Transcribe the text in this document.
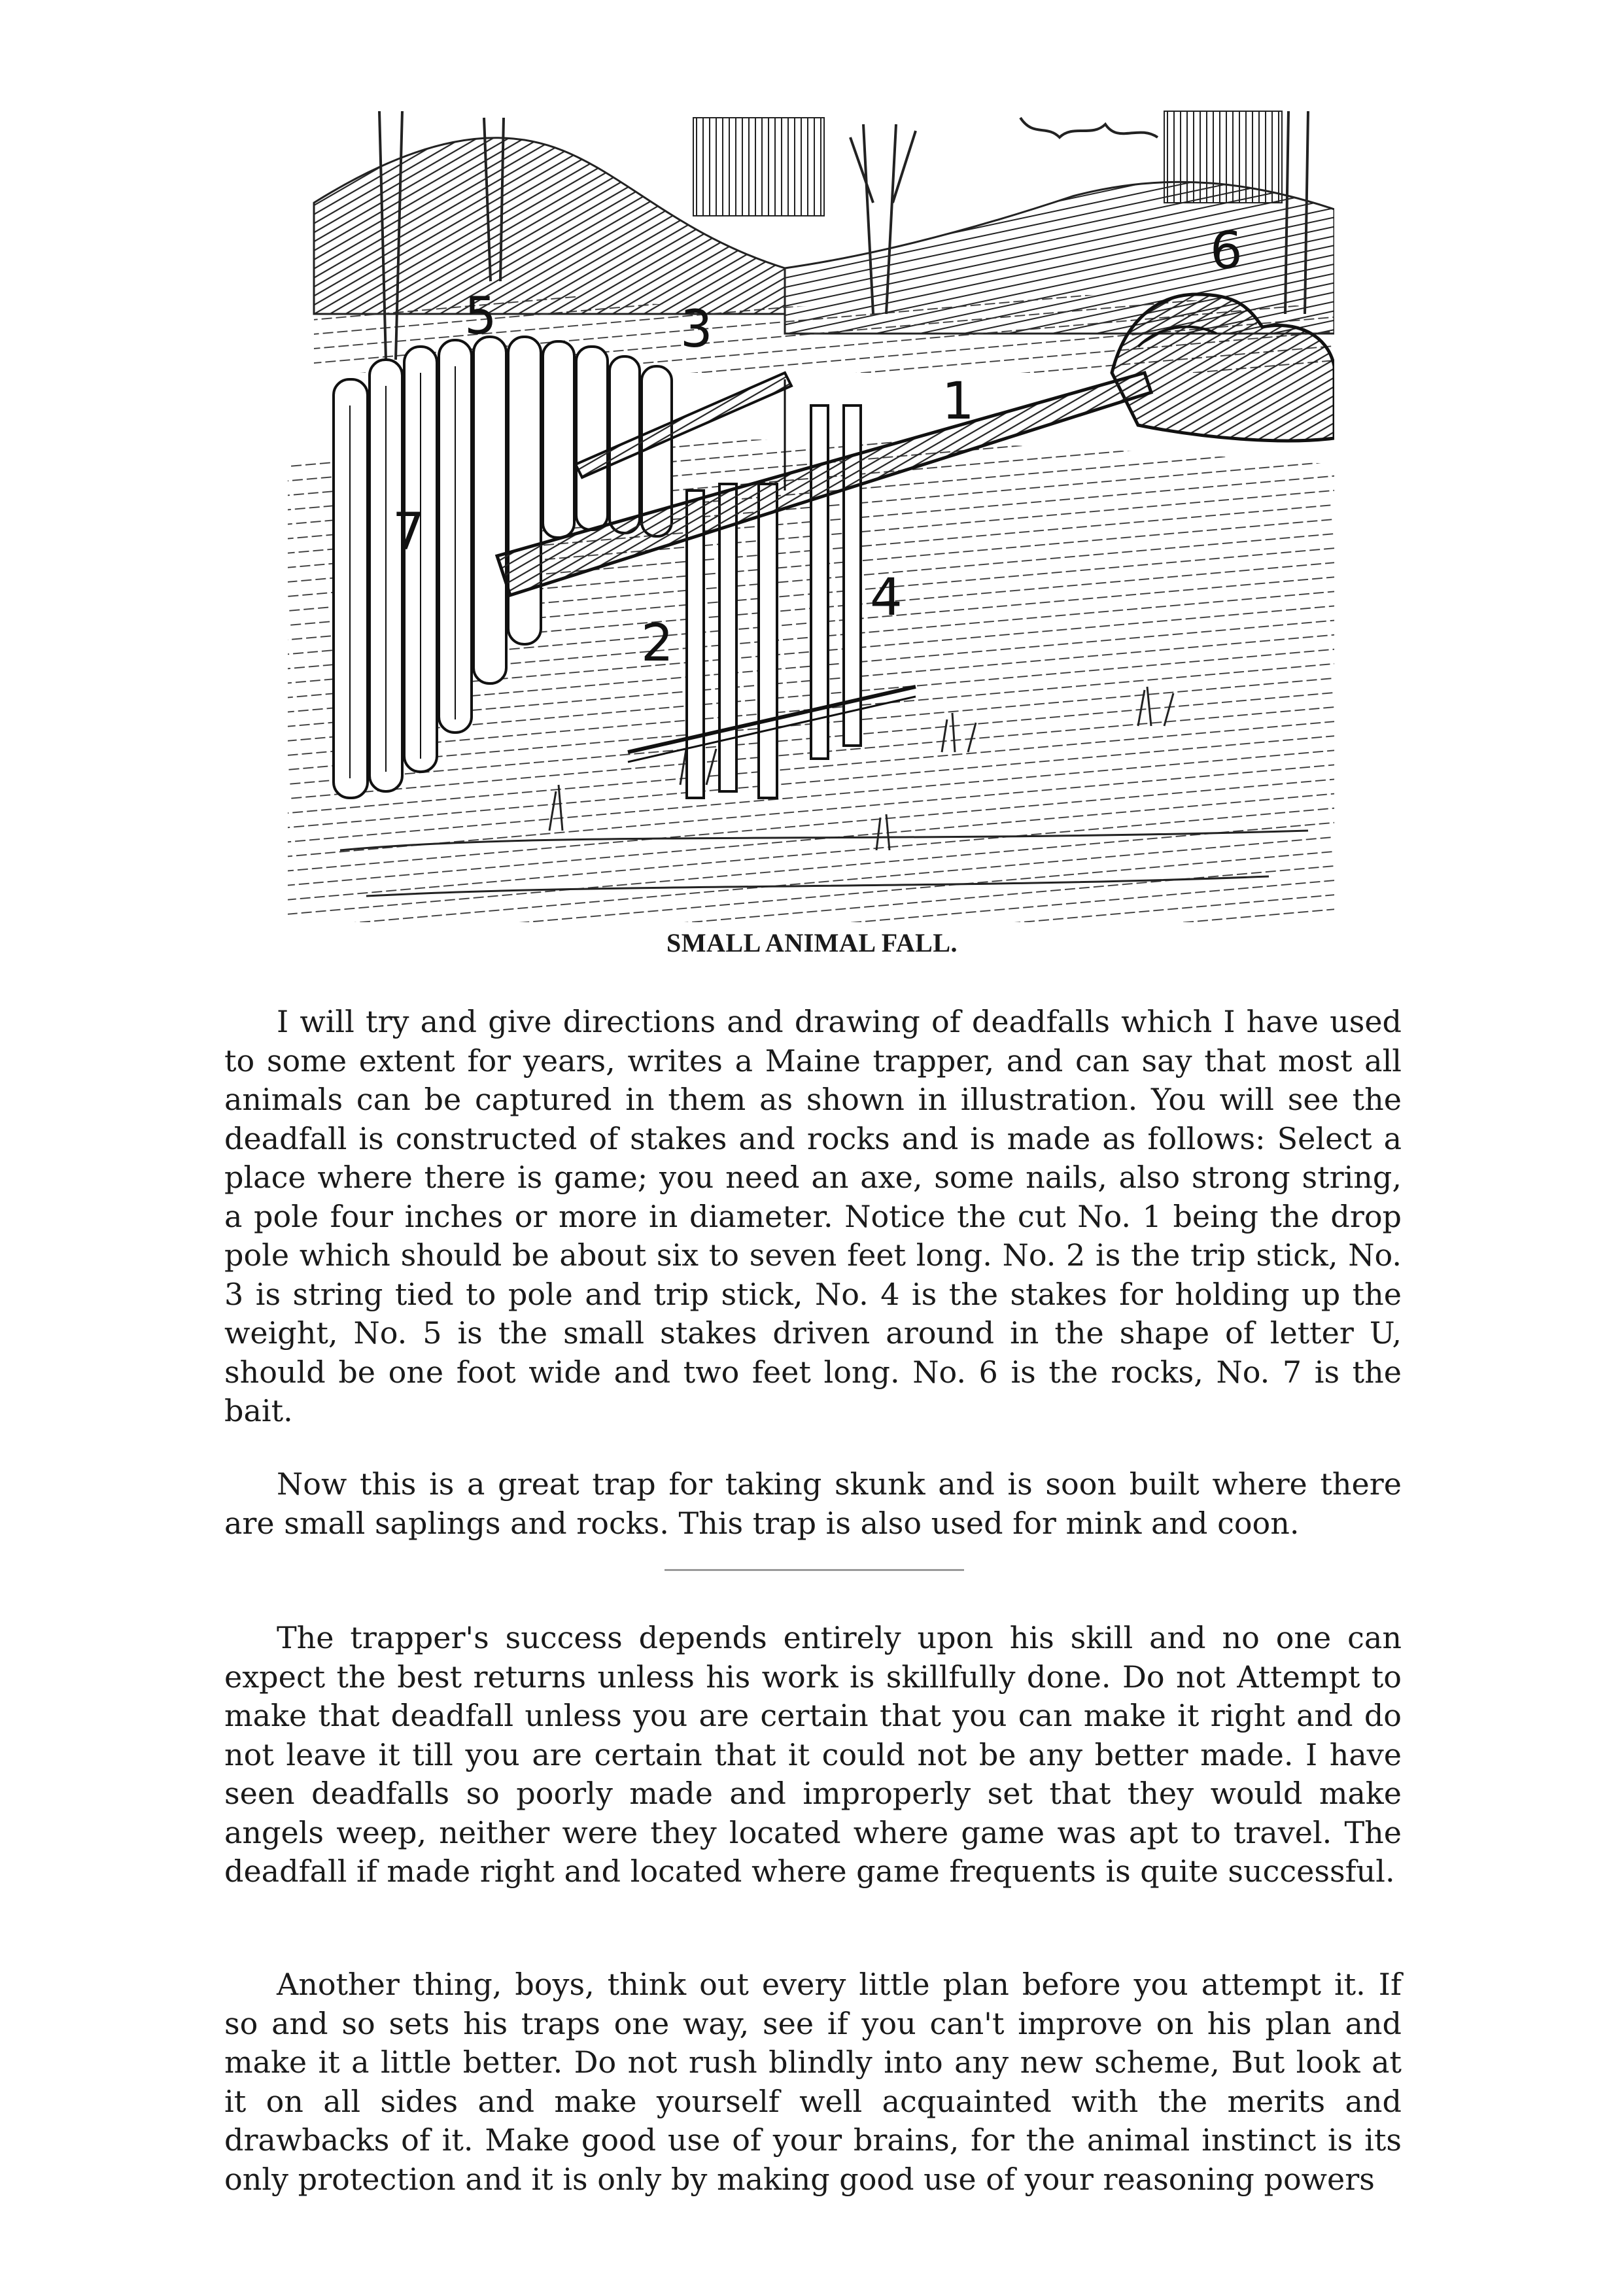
1
2
3
4
5
6
7
SMALL ANIMAL FALL.

I will try and give directions and drawing of deadfalls which I have used to some extent for years, writes a Maine trapper, and can say that most all animals can be captured in them as shown in illustration. You will see the deadfall is constructed of stakes and rocks and is made as follows: Select a place where there is game; you need an axe, some nails, also strong string, a pole four inches or more in diameter. Notice the cut No. 1 being the drop pole which should be about six to seven feet long. No. 2 is the trip stick, No. 3 is string tied to pole and trip stick, No. 4 is the stakes for holding up the weight, No. 5 is the small stakes driven around in the shape of letter U, should be one foot wide and two feet long. No. 6 is the rocks, No. 7 is the bait.

Now this is a great trap for taking skunk and is soon built where there are small saplings and rocks. This trap is also used for mink and coon.

The trapper's success depends entirely upon his skill and no one can expect the best returns unless his work is skillfully done. Do not Attempt to make that deadfall unless you are certain that you can make it right and do not leave it till you are certain that it could not be any better made. I have seen deadfalls so poorly made and improperly set that they would make angels weep, neither were they located where game was apt to travel. The deadfall if made right and located where game frequents is quite successful.

Another thing, boys, think out every little plan before you attempt it. If so and so sets his traps one way, see if you can't improve on his plan and make it a little better. Do not rush blindly into any new scheme, But look at it on all sides and make yourself well acquainted with the merits and drawbacks of it. Make good use of your brains, for the animal instinct is its only protection and it is only by making good use of your reasoning powers
